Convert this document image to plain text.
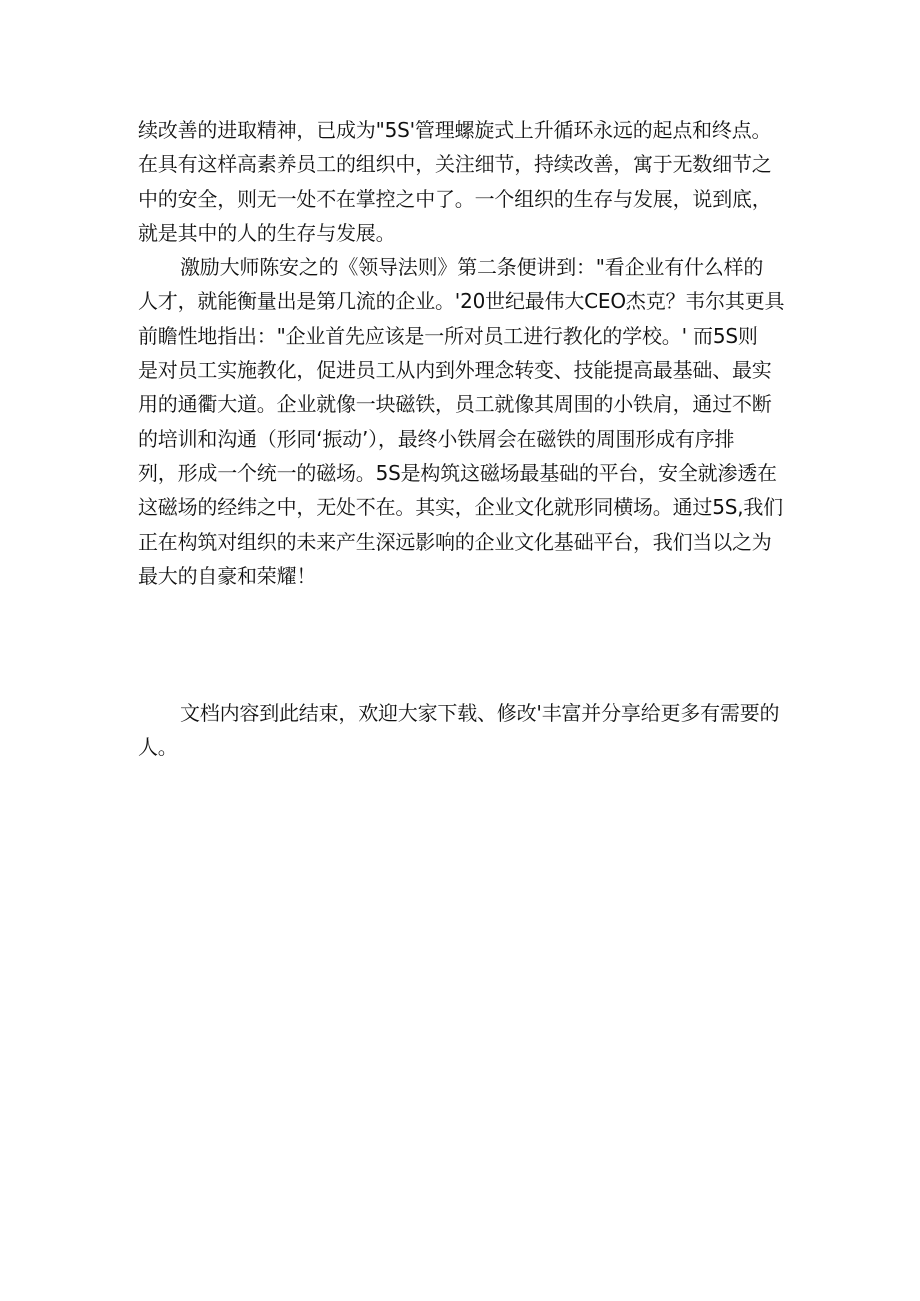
续改善的进取精神，已成为"5S'管理螺旋式上升循环永远的起点和终点。
在具有这样高素养员工的组织中，关注细节，持续改善，寓于无数细节之
中的安全，则无一处不在掌控之中了。一个组织的生存与发展，说到底，
就是其中的人的生存与发展。
激励大师陈安之的《领导法则》第二条便讲到："看企业有什么样的
人才，就能衡量出是第几流的企业。'20世纪最伟大CEO杰克？韦尔其更具
前瞻性地指出："企业首先应该是一所对员工进行教化的学校。' 而5S则
是对员工实施教化，促进员工从内到外理念转变、技能提高最基础、最实
用的通衢大道。企业就像一块磁铁，员工就像其周围的小铁肩，通过不断
的培训和沟通（形同‘振动’），最终小铁屑会在磁铁的周围形成有序排
列，形成一个统一的磁场。5S是构筑这磁场最基础的平台，安全就渗透在
这磁场的经纬之中，无处不在。其实，企业文化就形同横场。通过5S,我们
正在构筑对组织的未来产生深远影响的企业文化基础平台，我们当以之为
最大的自豪和荣耀！
文档内容到此结束，欢迎大家下载、修改'丰富并分享给更多有需要的
人。
